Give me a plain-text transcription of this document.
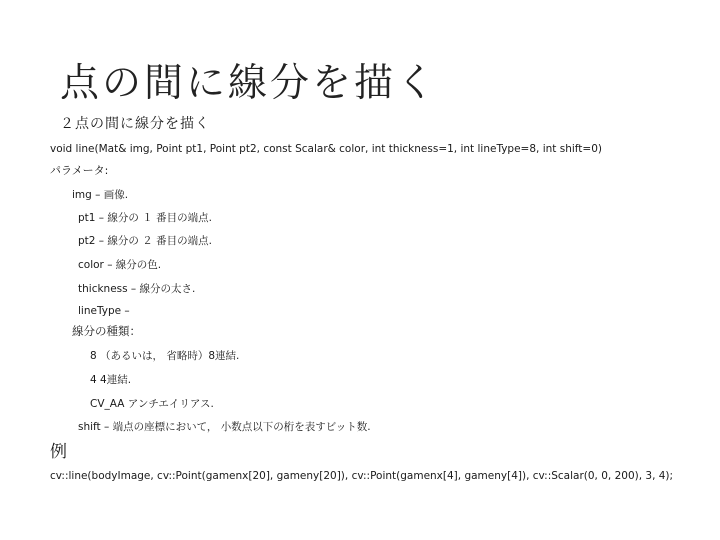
点の間に線分を描く
２点の間に線分を描く
void line(Mat& img, Point pt1, Point pt2, const Scalar& color, int thickness=1, int lineType=8, int shift=0)
パラメータ:
img – 画像.
pt1 – 線分の １ 番目の端点.
pt2 – 線分の ２ 番目の端点.
color – 線分の色.
thickness – 線分の太さ.
lineType –
線分の種類：
8 （あるいは， 省略時）8連結.
4 4連結.
CV_AA アンチエイリアス.
shift – 端点の座標において， 小数点以下の桁を表すビット数.
例
cv::line(bodyImage, cv::Point(gamenx[20], gameny[20]), cv::Point(gamenx[4], gameny[4]), cv::Scalar(0, 0, 200), 3, 4);
